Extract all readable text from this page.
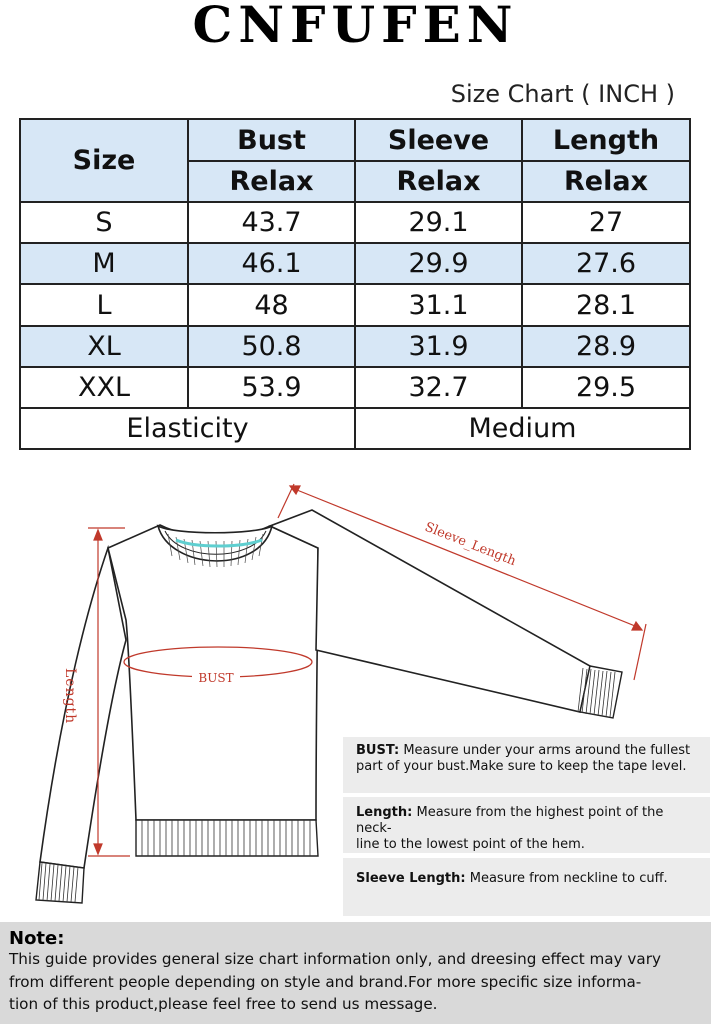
CNFUFEN
Size Chart ( INCH )
Size	Bust	Sleeve	Length
	Relax	Relax	Relax
S	43.7	29.1	27
M	46.1	29.9	27.6
L	48	31.1	28.1
XL	50.8	31.9	28.9
XXL	53.9	32.7	29.5
Elasticity		Medium	
Length	BUST
Sleeve_Length
BUST: Measure under your arms around the fullest
part of your bust.Make sure to keep the tape level.
Length: Measure from the highest point of the neck-
line to the lowest point of the hem.
Sleeve Length: Measure from neckline to cuff.
Note:
This guide provides general size chart information only, and dreesing effect may vary
from different people depending on style and brand.For more specific size informa-
tion of this product,please feel free to send us message.
